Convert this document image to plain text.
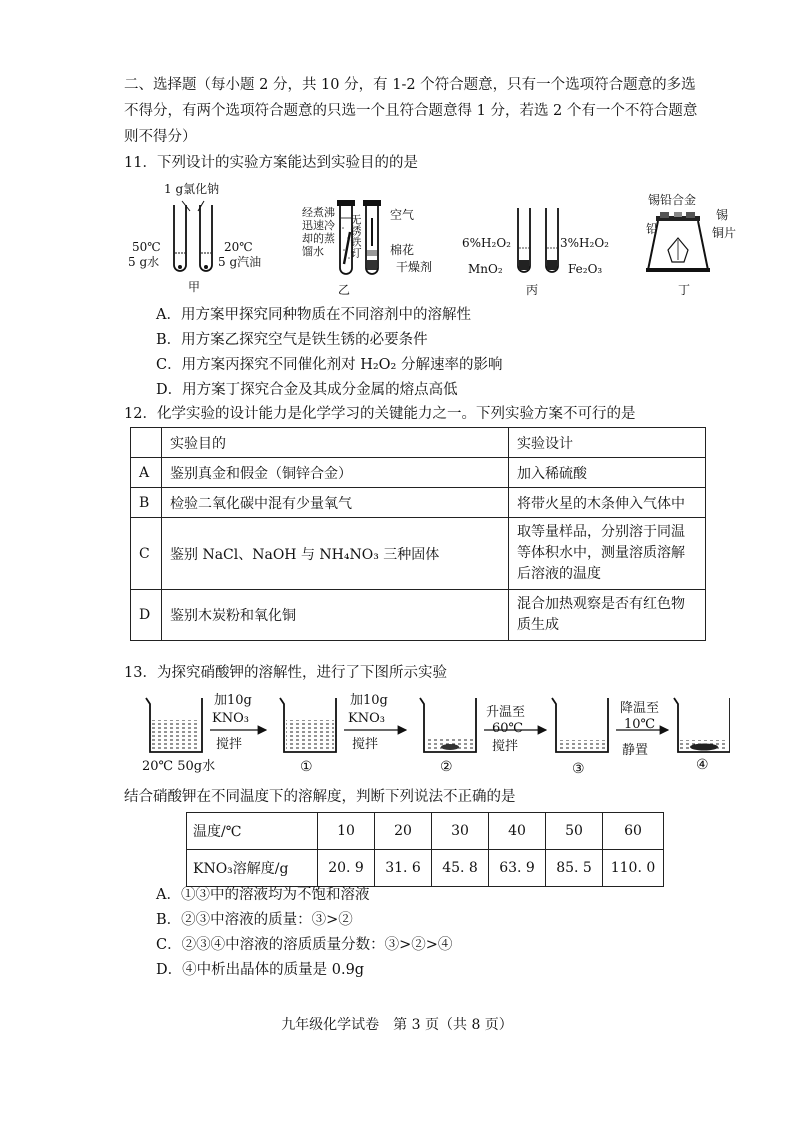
二、选择题（每小题 2 分，共 10 分，有 1-2 个符合题意，只有一个选项符合题意的多选
不得分，有两个选项符合题意的只选一个且符合题意得 1 分，若选 2 个有一个不符合题意
则不得分）
11．下列设计的实验方案能达到实验目的的是
1 g氯化钠
50℃
5 g水
20℃
5 g汽油
甲
经煮沸迅速冷却的蒸馏水	无锈铁钉 空气
棉花
干燥剂
乙
6%H₂O₂	3%H₂O₂
MnO₂	Fe₂O₃
丙
锡铅合金
锡
铅	铜片
丁
A．用方案甲探究同种物质在不同溶剂中的溶解性
B．用方案乙探究空气是铁生锈的必要条件
C．用方案丙探究不同催化剂对 H₂O₂ 分解速率的影响
D．用方案丁探究合金及其成分金属的熔点高低
12．化学实验的设计能力是化学学习的关键能力之一。下列实验方案不可行的是
	实验目的	实验设计
A	鉴别真金和假金（铜锌合金）	加入稀硫酸
B	检验二氧化碳中混有少量氧气	将带火星的木条伸入气体中
C	鉴别 NaCl、NaOH 与 NH₄NO₃ 三种固体	取等量样品，分别溶于同温等体积水中，测量溶质溶解后溶液的温度
D	鉴别木炭粉和氧化铜	混合加热观察是否有红色物质生成
13．为探究硝酸钾的溶解性，进行了下图所示实验
加10g
KNO₃
搅拌
加10g
KNO₃
搅拌
升温至
60℃
搅拌
降温至
10℃
静置
20℃ 50g水	①	②	③	④
结合硝酸钾在不同温度下的溶解度，判断下列说法不正确的是
温度/℃	10	20	30	40	50	60
KNO₃溶解度/g	20. 9	31. 6	45. 8	63. 9	85. 5	110. 0
A．①③中的溶液均为不饱和溶液
B．②③中溶液的质量：③>②
C．②③④中溶液的溶质质量分数：③>②>④
D．④中析出晶体的质量是 0.9g
九年级化学试卷　第 3 页（共 8 页）
